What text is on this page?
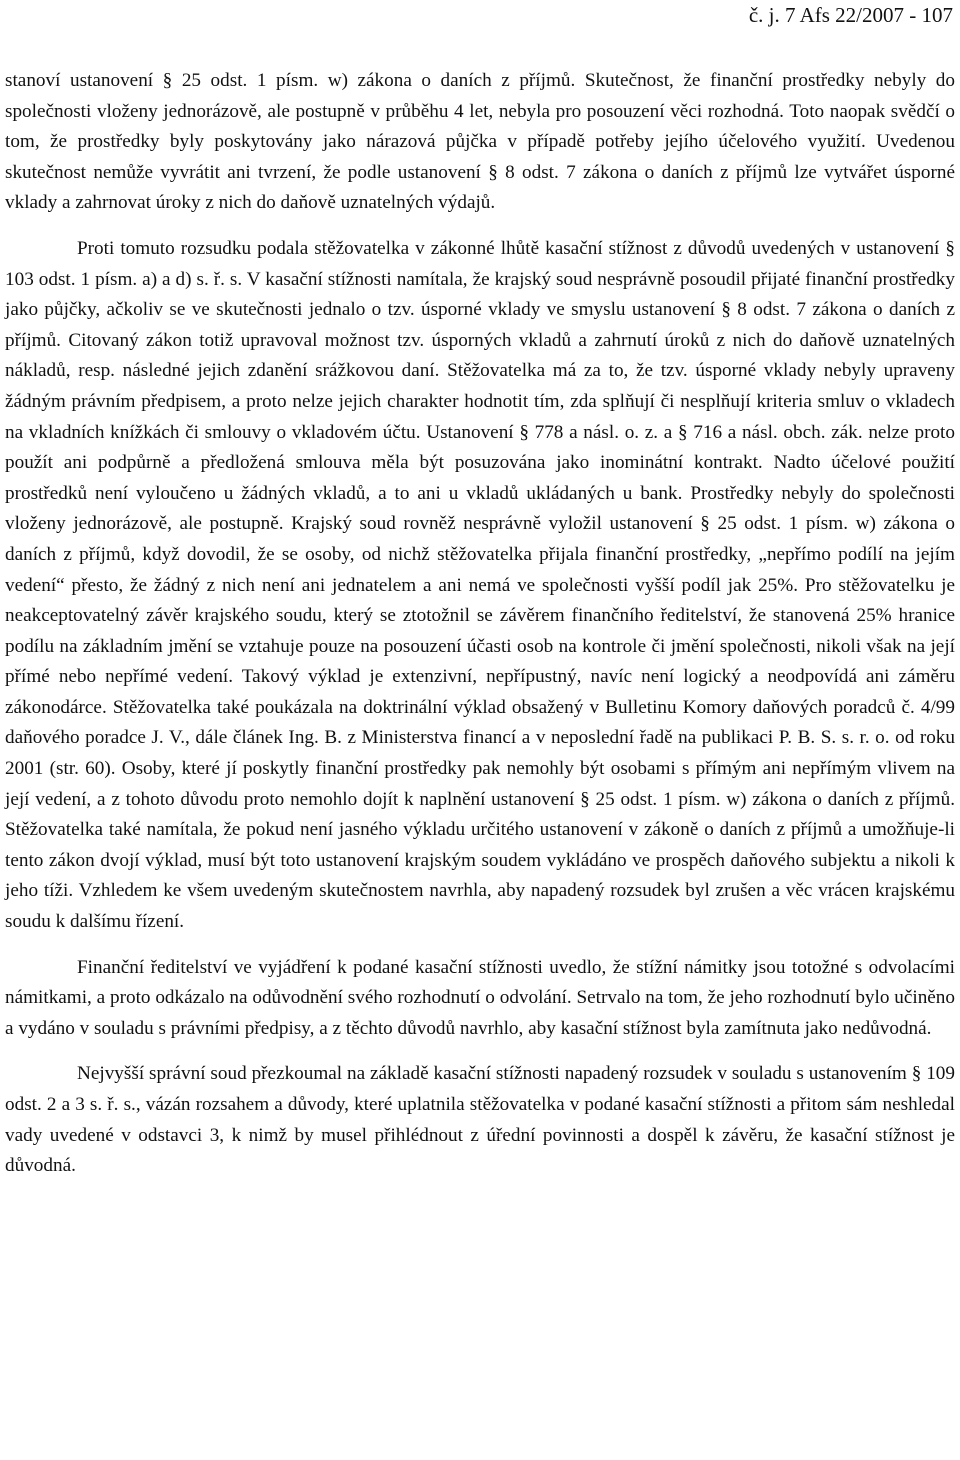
č. j. 7 Afs 22/2007 - 107

stanoví ustanovení § 25 odst. 1 písm. w) zákona o daních z příjmů. Skutečnost, že finanční prostředky nebyly do společnosti vloženy jednorázově, ale postupně v průběhu 4 let, nebyla pro posouzení věci rozhodná. Toto naopak svědčí o tom, že prostředky byly poskytovány jako nárazová půjčka v případě potřeby jejího účelového využití. Uvedenou skutečnost nemůže vyvrátit ani tvrzení, že podle ustanovení § 8 odst. 7 zákona o daních z příjmů lze vytvářet úsporné vklady a zahrnovat úroky z nich do daňově uznatelných výdajů.

Proti tomuto rozsudku podala stěžovatelka v zákonné lhůtě kasační stížnost z důvodů uvedených v ustanovení § 103 odst. 1 písm. a) a d) s. ř. s. V kasační stížnosti namítala, že krajský soud nesprávně posoudil přijaté finanční prostředky jako půjčky, ačkoliv se ve skutečnosti jednalo o tzv. úsporné vklady ve smyslu ustanovení § 8 odst. 7 zákona o daních z příjmů. Citovaný zákon totiž upravoval možnost tzv. úsporných vkladů a zahrnutí úroků z nich do daňově uznatelných nákladů, resp. následné jejich zdanění srážkovou daní. Stěžovatelka má za to, že tzv. úsporné vklady nebyly upraveny žádným právním předpisem, a proto nelze jejich charakter hodnotit tím, zda splňují či nesplňují kriteria smluv o vkladech na vkladních knížkách či smlouvy o vkladovém účtu. Ustanovení § 778 a násl. o. z. a § 716 a násl. obch. zák. nelze proto použít ani podpůrně a předložená smlouva měla být posuzována jako inominátní kontrakt. Nadto účelové použití prostředků není vyloučeno u žádných vkladů, a to ani u vkladů ukládaných u bank. Prostředky nebyly do společnosti vloženy jednorázově, ale postupně. Krajský soud rovněž nesprávně vyložil ustanovení § 25 odst. 1 písm. w) zákona o daních z příjmů, když dovodil, že se osoby, od nichž stěžovatelka přijala finanční prostředky, „nepřímo podílí na jejím vedení“ přesto, že žádný z nich není ani jednatelem a ani nemá ve společnosti vyšší podíl jak 25%. Pro stěžovatelku je neakceptovatelný závěr krajského soudu, který se ztotožnil se závěrem finančního ředitelství, že stanovená 25% hranice podílu na základním jmění se vztahuje pouze na posouzení účasti osob na kontrole či jmění společnosti, nikoli však na její přímé nebo nepřímé vedení. Takový výklad je extenzivní, nepřípustný, navíc není logický a neodpovídá ani záměru zákonodárce. Stěžovatelka také poukázala na doktrinální výklad obsažený v Bulletinu Komory daňových poradců č. 4/99 daňového poradce J. V., dále článek Ing. B. z Ministerstva financí a v neposlední řadě na publikaci P. B. S. s. r. o. od roku 2001 (str. 60). Osoby, které jí poskytly finanční prostředky pak nemohly být osobami s přímým ani nepřímým vlivem na její vedení, a z tohoto důvodu proto nemohlo dojít k naplnění ustanovení § 25 odst. 1 písm. w) zákona o daních z příjmů. Stěžovatelka také namítala, že pokud není jasného výkladu určitého ustanovení v zákoně o daních z příjmů a umožňuje-li tento zákon dvojí výklad, musí být toto ustanovení krajským soudem vykládáno ve prospěch daňového subjektu a nikoli k jeho tíži. Vzhledem ke všem uvedeným skutečnostem navrhla, aby napadený rozsudek byl zrušen a věc vrácen krajskému soudu k dalšímu řízení.

Finanční ředitelství ve vyjádření k podané kasační stížnosti uvedlo, že stížní námitky jsou totožné s odvolacími námitkami, a proto odkázalo na odůvodnění svého rozhodnutí o odvolání. Setrvalo na tom, že jeho rozhodnutí bylo učiněno a vydáno v souladu s právními předpisy, a z těchto důvodů navrhlo, aby kasační stížnost byla zamítnuta jako nedůvodná.

Nejvyšší správní soud přezkoumal na základě kasační stížnosti napadený rozsudek v souladu s ustanovením § 109 odst. 2 a 3 s. ř. s., vázán rozsahem a důvody, které uplatnila stěžovatelka v podané kasační stížnosti a přitom sám neshledal vady uvedené v odstavci 3, k nimž by musel přihlédnout z úřední povinnosti a dospěl k závěru, že kasační stížnost je důvodná.
